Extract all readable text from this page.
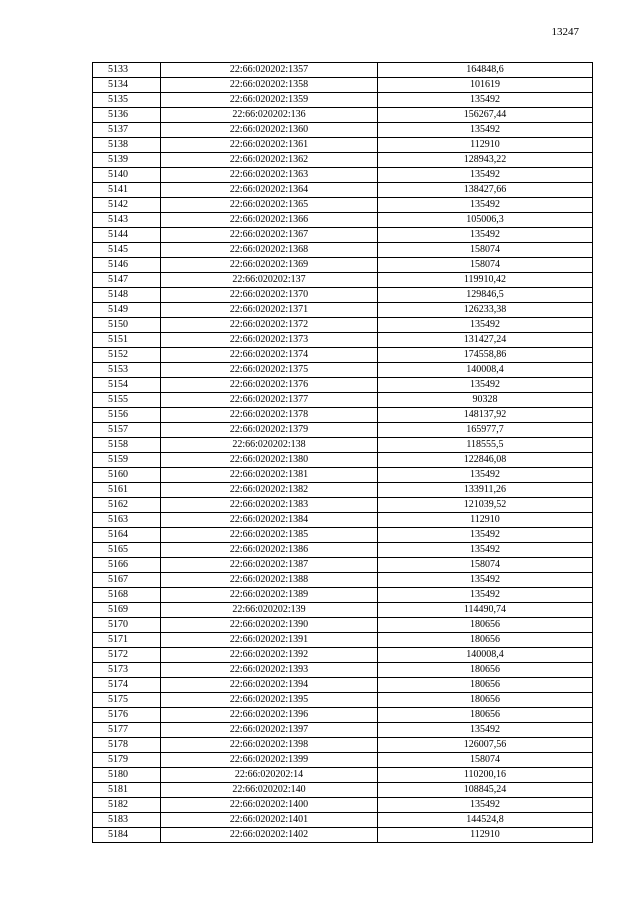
13247
5133	22:66:020202:1357	164848,6
5134	22:66:020202:1358	101619
5135	22:66:020202:1359	135492
5136	22:66:020202:136	156267,44
5137	22:66:020202:1360	135492
5138	22:66:020202:1361	112910
5139	22:66:020202:1362	128943,22
5140	22:66:020202:1363	135492
5141	22:66:020202:1364	138427,66
5142	22:66:020202:1365	135492
5143	22:66:020202:1366	105006,3
5144	22:66:020202:1367	135492
5145	22:66:020202:1368	158074
5146	22:66:020202:1369	158074
5147	22:66:020202:137	119910,42
5148	22:66:020202:1370	129846,5
5149	22:66:020202:1371	126233,38
5150	22:66:020202:1372	135492
5151	22:66:020202:1373	131427,24
5152	22:66:020202:1374	174558,86
5153	22:66:020202:1375	140008,4
5154	22:66:020202:1376	135492
5155	22:66:020202:1377	90328
5156	22:66:020202:1378	148137,92
5157	22:66:020202:1379	165977,7
5158	22:66:020202:138	118555,5
5159	22:66:020202:1380	122846,08
5160	22:66:020202:1381	135492
5161	22:66:020202:1382	133911,26
5162	22:66:020202:1383	121039,52
5163	22:66:020202:1384	112910
5164	22:66:020202:1385	135492
5165	22:66:020202:1386	135492
5166	22:66:020202:1387	158074
5167	22:66:020202:1388	135492
5168	22:66:020202:1389	135492
5169	22:66:020202:139	114490,74
5170	22:66:020202:1390	180656
5171	22:66:020202:1391	180656
5172	22:66:020202:1392	140008,4
5173	22:66:020202:1393	180656
5174	22:66:020202:1394	180656
5175	22:66:020202:1395	180656
5176	22:66:020202:1396	180656
5177	22:66:020202:1397	135492
5178	22:66:020202:1398	126007,56
5179	22:66:020202:1399	158074
5180	22:66:020202:14	110200,16
5181	22:66:020202:140	108845,24
5182	22:66:020202:1400	135492
5183	22:66:020202:1401	144524,8
5184	22:66:020202:1402	112910
